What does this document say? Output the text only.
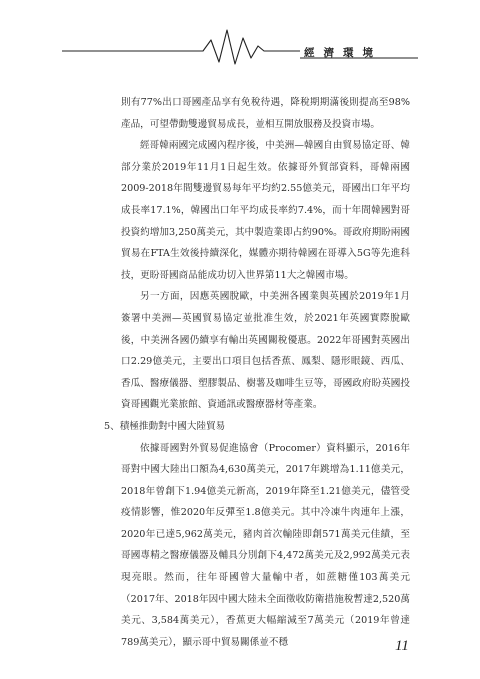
經濟環境

則有77%出口哥國產品享有免稅待遇，降稅期期滿後則提高至98%產品，可望帶動雙邊貿易成長，並相互開放服務及投資市場。

經哥韓兩國完成國內程序後，中美洲—韓國自由貿易協定哥、韓部分業於2019年11月1日起生效。依據哥外貿部資料，哥韓兩國2009-2018年間雙邊貿易每年平均約2.55億美元，哥國出口年平均成長率17.1%，韓國出口年平均成長率約7.4%，而十年間韓國對哥投資約增加3,250萬美元，其中製造業即占約90%。哥政府期盼兩國貿易在FTA生效後持續深化，媒體亦期待韓國在哥導入5G等先進科技，更盼哥國商品能成功切入世界第11大之韓國市場。

另一方面，因應英國脫歐，中美洲各國業與英國於2019年1月簽署中美洲—英國貿易協定並批准生效，於2021年英國實際脫歐後，中美洲各國仍續享有輸出英國關稅優惠。2022年哥國對英國出口2.29億美元，主要出口項目包括香蕉、鳳梨、隱形眼鏡、西瓜、香瓜、醫療儀器、塑膠製品、樹薯及咖啡生豆等，哥國政府盼英國投資哥國觀光業旅館、資通訊或醫療器材等產業。

5、積極推動對中國大陸貿易

依據哥國對外貿易促進協會（Procomer）資料顯示，2016年哥對中國大陸出口額為4,630萬美元，2017年跳增為1.11億美元，2018年曾創下1.94億美元新高，2019年降至1.21億美元，儘管受疫情影響，惟2020年反彈至1.8億美元。其中冷凍牛肉連年上漲，2020年已達5,962萬美元，豬肉首次輸陸即創571萬美元佳績，至哥國專精之醫療儀器及輔具分別創下4,472萬美元及2,992萬美元表現亮眼。然而，往年哥國曾大量輸中者，如蔗糖僅103萬美元（2017年、2018年因中國大陸未全面徵收防衛措施稅暫達2,520萬美元、3,584萬美元），香蕉更大幅縮減至7萬美元（2019年曾達789萬美元），顯示哥中貿易關係並不穩	11
